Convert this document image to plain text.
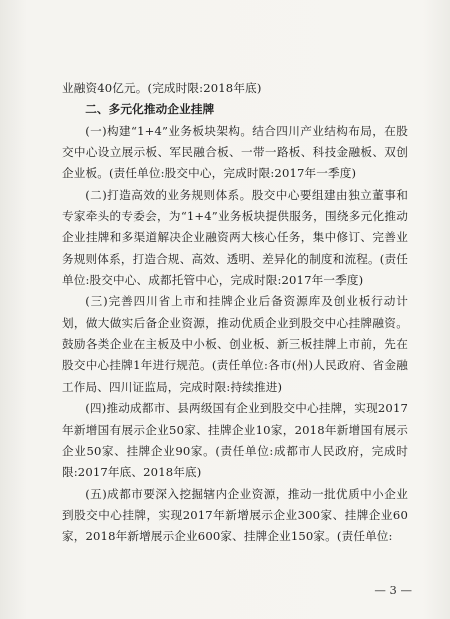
业融资40亿元。(完成时限:2018年底)

二、多元化推动企业挂牌

(一)构建“1+4”业务板块架构。结合四川产业结构布局，在股交中心设立展示板、军民融合板、一带一路板、科技金融板、双创企业板。(责任单位:股交中心，完成时限:2017年一季度)

(二)打造高效的业务规则体系。股交中心要组建由独立董事和专家牵头的专委会，为“1+4”业务板块提供服务，围绕多元化推动企业挂牌和多渠道解决企业融资两大核心任务，集中修订、完善业务规则体系，打造合规、高效、透明、差异化的制度和流程。(责任单位:股交中心、成都托管中心，完成时限:2017年一季度)

(三)完善四川省上市和挂牌企业后备资源库及创业板行动计划，做大做实后备企业资源，推动优质企业到股交中心挂牌融资。鼓励各类企业在主板及中小板、创业板、新三板挂牌上市前，先在股交中心挂牌1年进行规范。(责任单位:各市(州)人民政府、省金融工作局、四川证监局，完成时限:持续推进)

(四)推动成都市、县两级国有企业到股交中心挂牌，实现2017年新增国有展示企业50家、挂牌企业10家，2018年新增国有展示企业50家、挂牌企业90家。(责任单位:成都市人民政府，完成时限:2017年底、2018年底)

(五)成都市要深入挖掘辖内企业资源，推动一批优质中小企业到股交中心挂牌，实现2017年新增展示企业300家、挂牌企业60家，2018年新增展示企业600家、挂牌企业150家。(责任单位:

— 3 —
